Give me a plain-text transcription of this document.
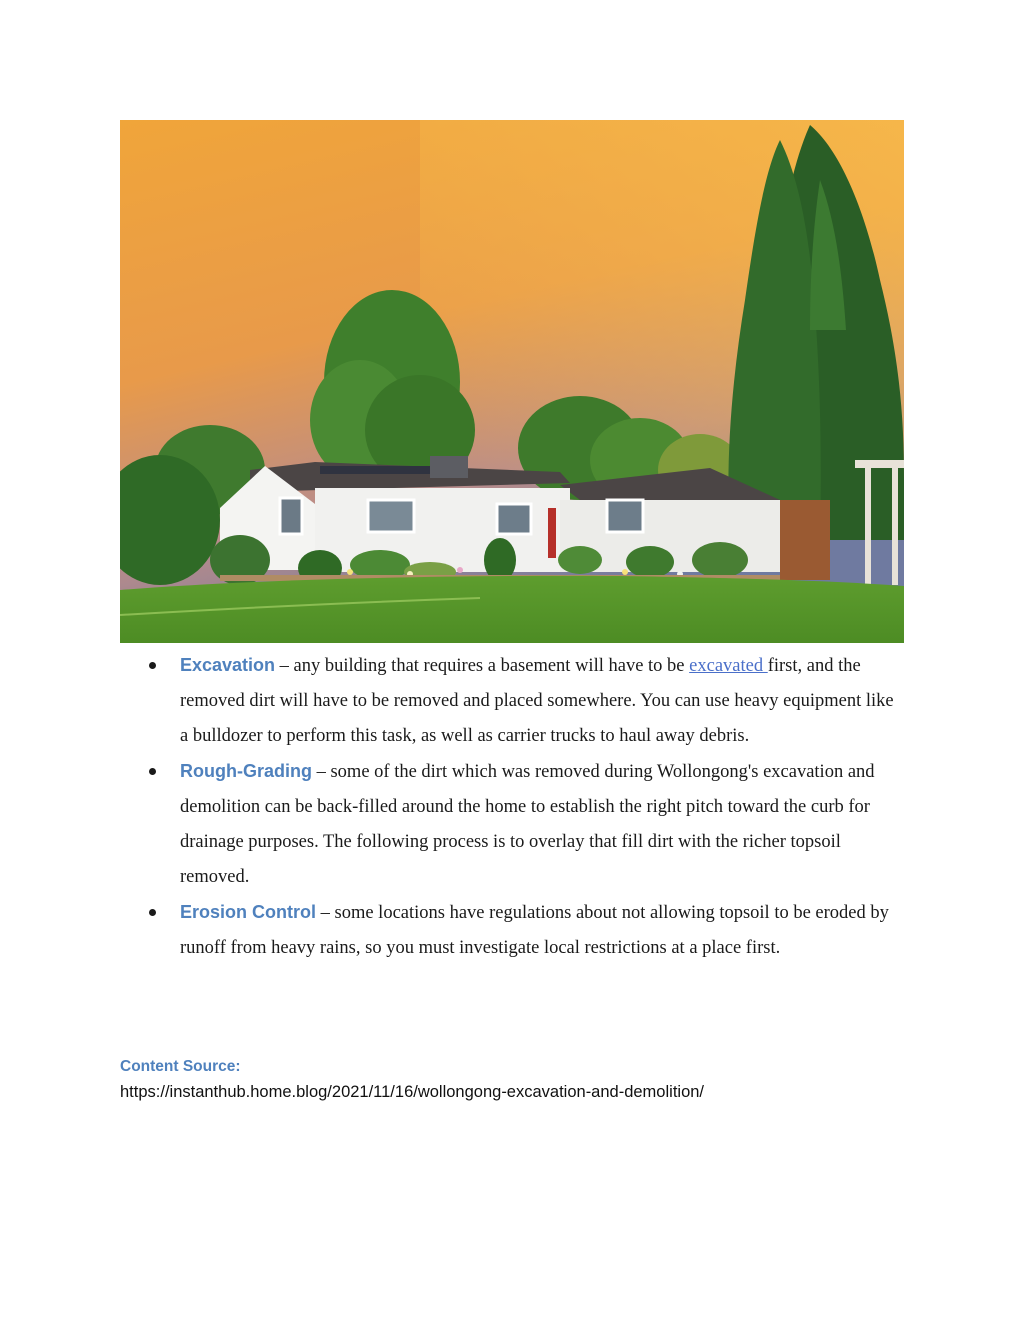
Excavation – any building that requires a basement will have to be excavated first, and the removed dirt will have to be removed and placed somewhere. You can use heavy equipment like a bulldozer to perform this task, as well as carrier trucks to haul away debris.
Rough-Grading – some of the dirt which was removed during Wollongong's excavation and demolition can be back-filled around the home to establish the right pitch toward the curb for drainage purposes. The following process is to overlay that fill dirt with the richer topsoil removed.
Erosion Control – some locations have regulations about not allowing topsoil to be eroded by runoff from heavy rains, so you must investigate local restrictions at a place first.
Content Source:
https://instanthub.home.blog/2021/11/16/wollongong-excavation-and-demolition/
